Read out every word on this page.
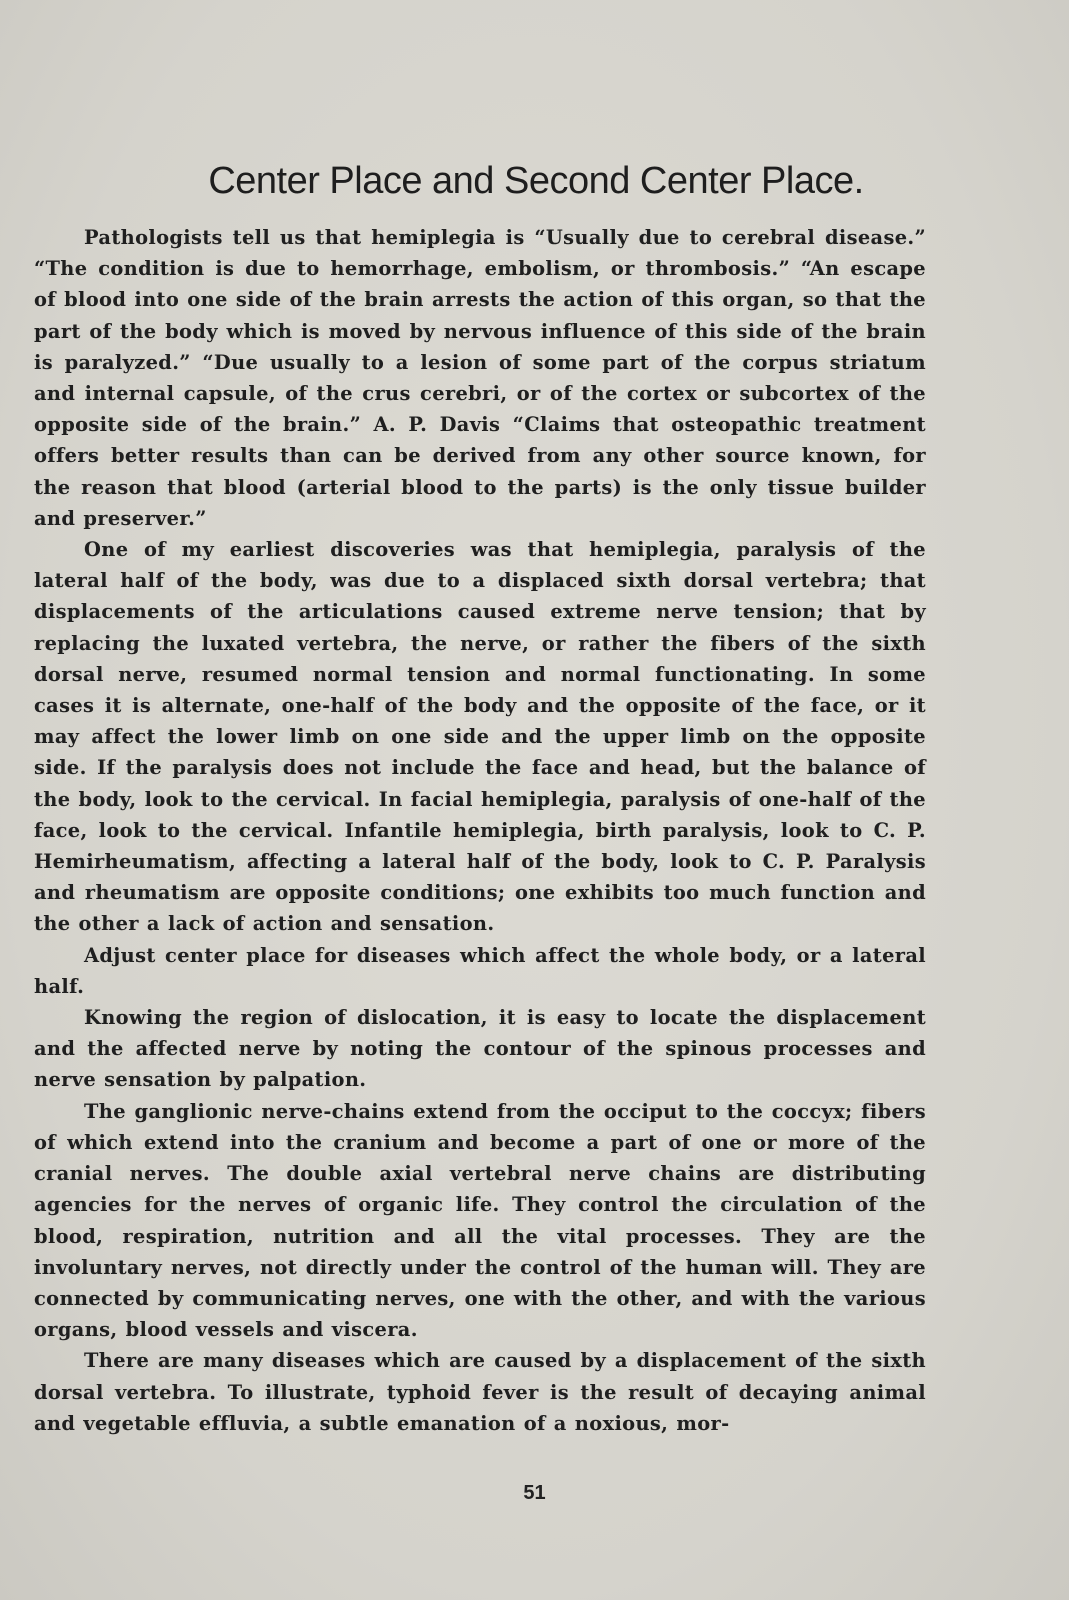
Center Place and Second Center Place.

Pathologists tell us that hemiplegia is “Usually due to cerebral disease.” “The condition is due to hemorrhage, embolism, or thrombosis.” “An escape of blood into one side of the brain arrests the action of this organ, so that the part of the body which is moved by nervous influence of this side of the brain is paralyzed.” “Due usually to a lesion of some part of the corpus striatum and internal capsule, of the crus cerebri, or of the cortex or subcortex of the opposite side of the brain.” A. P. Davis “Claims that osteopathic treatment offers better results than can be derived from any other source known, for the reason that blood (arterial blood to the parts) is the only tissue builder and preserver.”

One of my earliest discoveries was that hemiplegia, paralysis of the lateral half of the body, was due to a displaced sixth dorsal vertebra; that displacements of the articulations caused extreme nerve tension; that by replacing the luxated vertebra, the nerve, or rather the fibers of the sixth dorsal nerve, resumed normal tension and normal functionating. In some cases it is alternate, one-half of the body and the opposite of the face, or it may affect the lower limb on one side and the upper limb on the opposite side. If the paralysis does not include the face and head, but the balance of the body, look to the cervical. In facial hemiplegia, paralysis of one-half of the face, look to the cervical. Infantile hemiplegia, birth paralysis, look to C. P. Hemirheumatism, affecting a lateral half of the body, look to C. P. Paralysis and rheumatism are opposite conditions; one exhibits too much function and the other a lack of action and sensation.

Adjust center place for diseases which affect the whole body, or a lateral half.

Knowing the region of dislocation, it is easy to locate the displacement and the affected nerve by noting the contour of the spinous processes and nerve sensation by palpation.

The ganglionic nerve-chains extend from the occiput to the coccyx; fibers of which extend into the cranium and become a part of one or more of the cranial nerves. The double axial vertebral nerve chains are distributing agencies for the nerves of organic life. They control the circulation of the blood, respiration, nutrition and all the vital processes. They are the involuntary nerves, not directly under the control of the human will. They are connected by communicating nerves, one with the other, and with the various organs, blood vessels and viscera.

There are many diseases which are caused by a displacement of the sixth dorsal vertebra. To illustrate, typhoid fever is the result of decaying animal and vegetable effluvia, a subtle emanation of a noxious, mor-

51
